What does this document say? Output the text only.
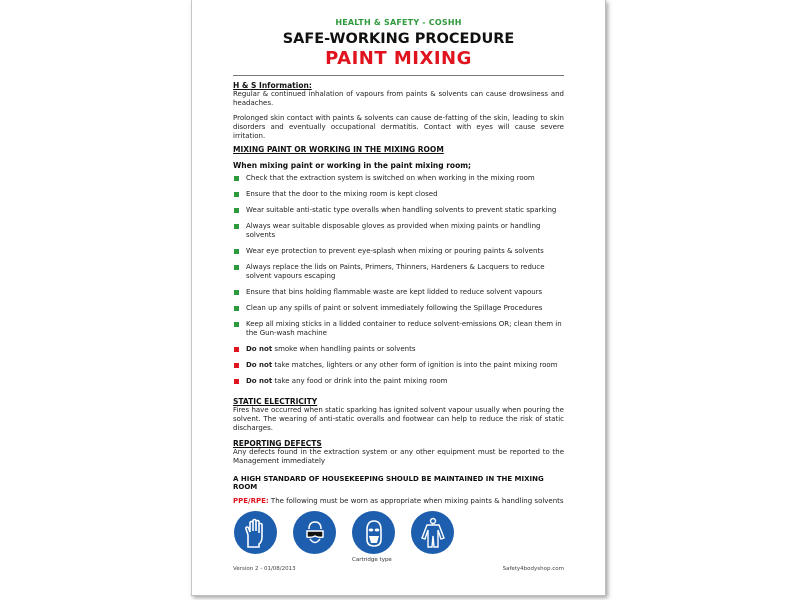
HEALTH & SAFETY - COSHH
SAFE-WORKING PROCEDURE
PAINT MIXING
H & S Information:
Regular & continued inhalation of vapours from paints & solvents can cause drowsiness and headaches.
Prolonged skin contact with paints & solvents can cause de-fatting of the skin, leading to skin disorders and eventually occupational dermatitis. Contact with eyes will cause severe irritation.
MIXING PAINT OR WORKING IN THE MIXING ROOM
When mixing paint or working in the paint mixing room;
Check that the extraction system is switched on when working in the mixing room
Ensure that the door to the mixing room is kept closed
Wear suitable anti-static type overalls when handling solvents to prevent static sparking
Always wear suitable disposable gloves as provided when mixing paints or handling solvents
Wear eye protection to prevent eye-splash when mixing or pouring paints & solvents
Always replace the lids on Paints, Primers, Thinners, Hardeners & Lacquers to reduce solvent vapours escaping
Ensure that bins holding flammable waste are kept lidded to reduce solvent vapours
Clean up any spills of paint or solvent immediately following the Spillage Procedures
Keep all mixing sticks in a lidded container to reduce solvent-emissions OR; clean them in the Gun-wash machine
Do not smoke when handling paints or solvents
Do not take matches, lighters or any other form of ignition is into the paint mixing room
Do not take any food or drink into the paint mixing room
STATIC ELECTRICITY
Fires have occurred when static sparking has ignited solvent vapour usually when pouring the solvent. The wearing of anti-static overalls and footwear can help to reduce the risk of static discharges.
REPORTING DEFECTS
Any defects found in the extraction system or any other equipment must be reported to the Management immediately
A HIGH STANDARD OF HOUSEKEEPING SHOULD BE MAINTAINED IN THE MIXING ROOM
PPE/RPE: The following must be worn as appropriate when mixing paints & handling solvents
Cartridge type
Version 2 - 01/08/2013	Safety4bodyshop.com
